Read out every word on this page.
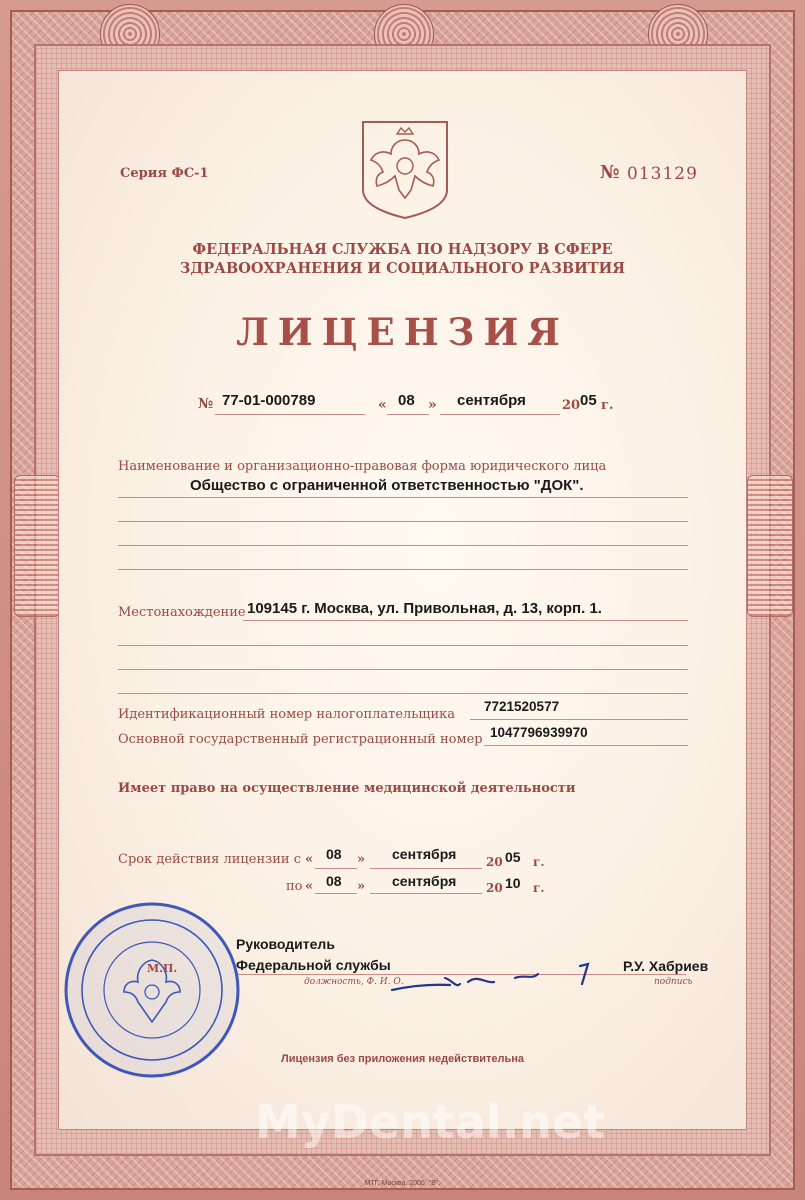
Серия ФС-1	№ 013129
ФЕДЕРАЛЬНАЯ СЛУЖБА ПО НАДЗОРУ В СФЕРЕ
ЗДРАВООХРАНЕНИЯ И СОЦИАЛЬНОГО РАЗВИТИЯ
ЛИЦЕНЗИЯ
№ 77-01-000789	« 08 » сентября	20 05 г.
Наименование и организационно-правовая форма юридического лица
Общество с ограниченной ответственностью "ДОК".
Местонахождение 109145 г. Москва, ул. Привольная, д. 13, корп. 1.
Идентификационный номер налогоплательщика
7721520577
Основной государственный регистрационный номер 1047796939970
Имеет право на осуществление медицинской деятельности
Срок действия лицензии с « 08 » сентября 20 05 г.
по « 08 » сентября 20 10 г.
Руководитель
Федеральной службы
должность, Ф. И. О.	подпись
Р.У. Хабриев
М.П.
Лицензия без приложения недействительна
MyDental.net
МТГ, Москва, 2005, "В".
